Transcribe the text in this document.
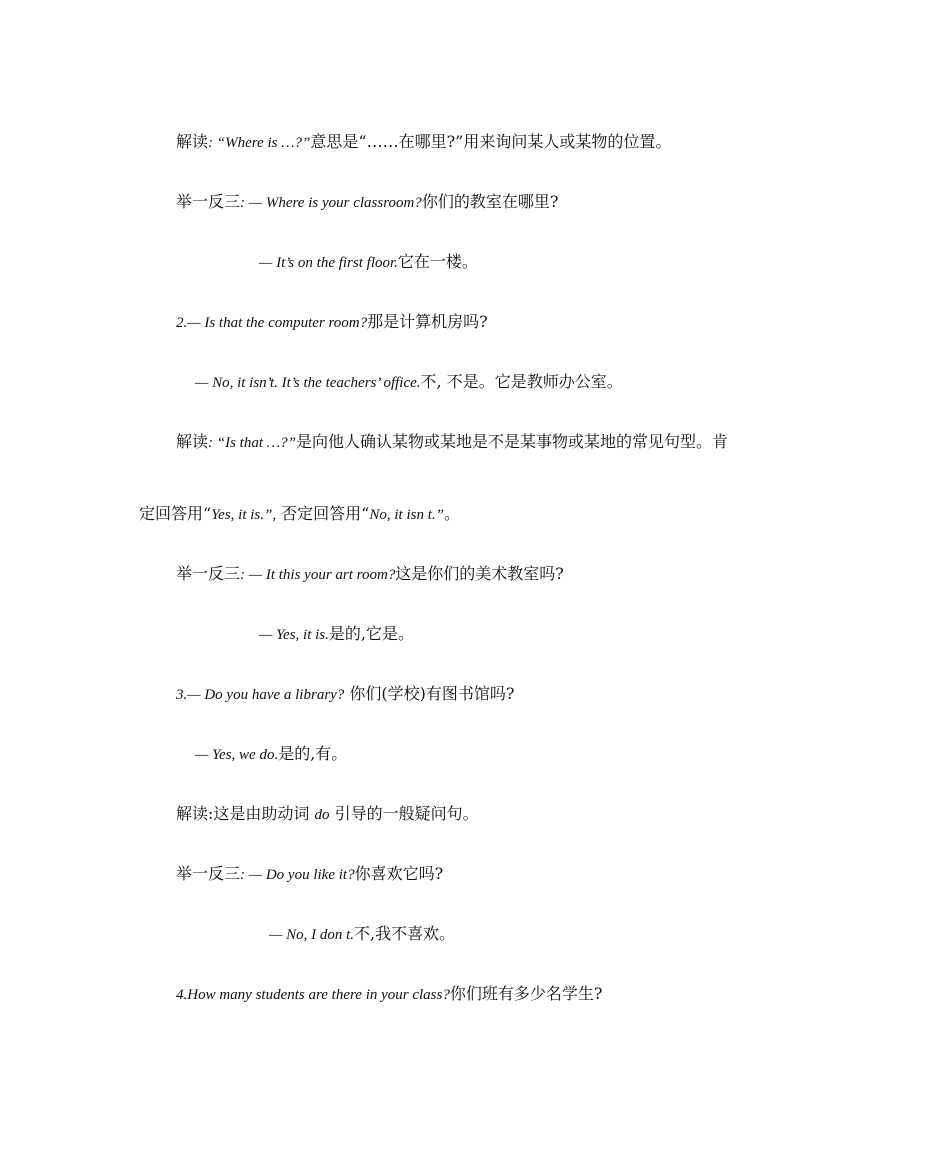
解读: “Where is …?”意思是“……在哪里?”用来询问某人或某物的位置。
举一反三: — Where is your classroom?你们的教室在哪里?
— It’s on the first floor.它在一楼。
2.— Is that the computer room?那是计算机房吗?
— No, it isn’t. It’s the teachers’ office.不, 不是。它是教师办公室。
解读: “Is that …?”是向他人确认某物或某地是不是某事物或某地的常见句型。肯
定回答用“Yes, it is.”, 否定回答用“No, it isn t.”。
举一反三: — It this your art room?这是你们的美术教室吗?
— Yes, it is.是的,它是。
3.— Do you have a library? 你们(学校)有图书馆吗?
— Yes, we do.是的,有。
解读:这是由助动词 do 引导的一般疑问句。
举一反三: — Do you like it?你喜欢它吗?
— No, I don t.不,我不喜欢。
4.How many students are there in your class?你们班有多少名学生?
